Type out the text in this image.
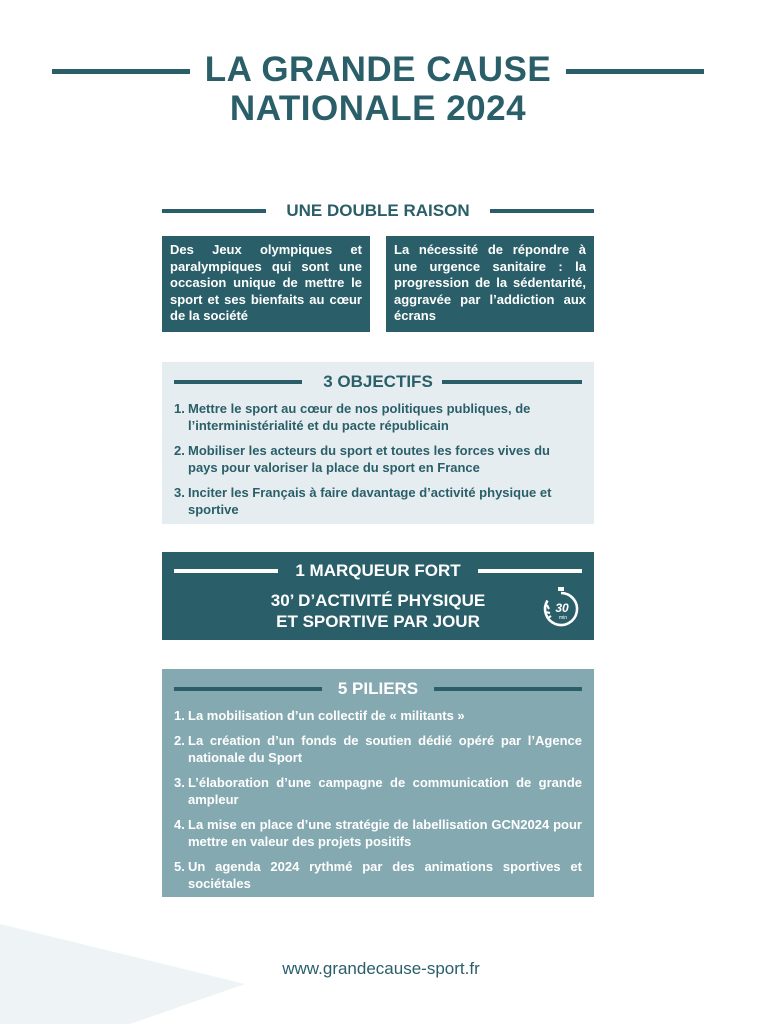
LA GRANDE CAUSE
NATIONALE 2024
UNE DOUBLE RAISON
Des Jeux olympiques et paralympiques qui sont une occasion unique de mettre le sport et ses bienfaits au cœur de la société
La nécessité de répondre à une urgence sanitaire : la progression de la sédentarité, aggravée par l’addiction aux écrans
3 OBJECTIFS
1. Mettre le sport au cœur de nos politiques publiques, de l’interministérialité et du pacte républicain
2. Mobiliser les acteurs du sport et toutes les forces vives du pays pour valoriser la place du sport en France
3. Inciter les Français à faire davantage d’activité physique et sportive
1 MARQUEUR FORT
30’ D’ACTIVITÉ PHYSIQUE
ET SPORTIVE PAR JOUR
30
min
5 PILIERS
1. La mobilisation d’un collectif de « militants »
2. La création d’un fonds de soutien dédié opéré par l’Agence nationale du Sport
3. L’élaboration d’une campagne de communication de grande ampleur
4. La mise en place d’une stratégie de labellisation GCN2024 pour mettre en valeur des projets positifs
5. Un agenda 2024 rythmé par des animations sportives et sociétales
www.grandecause-sport.fr
